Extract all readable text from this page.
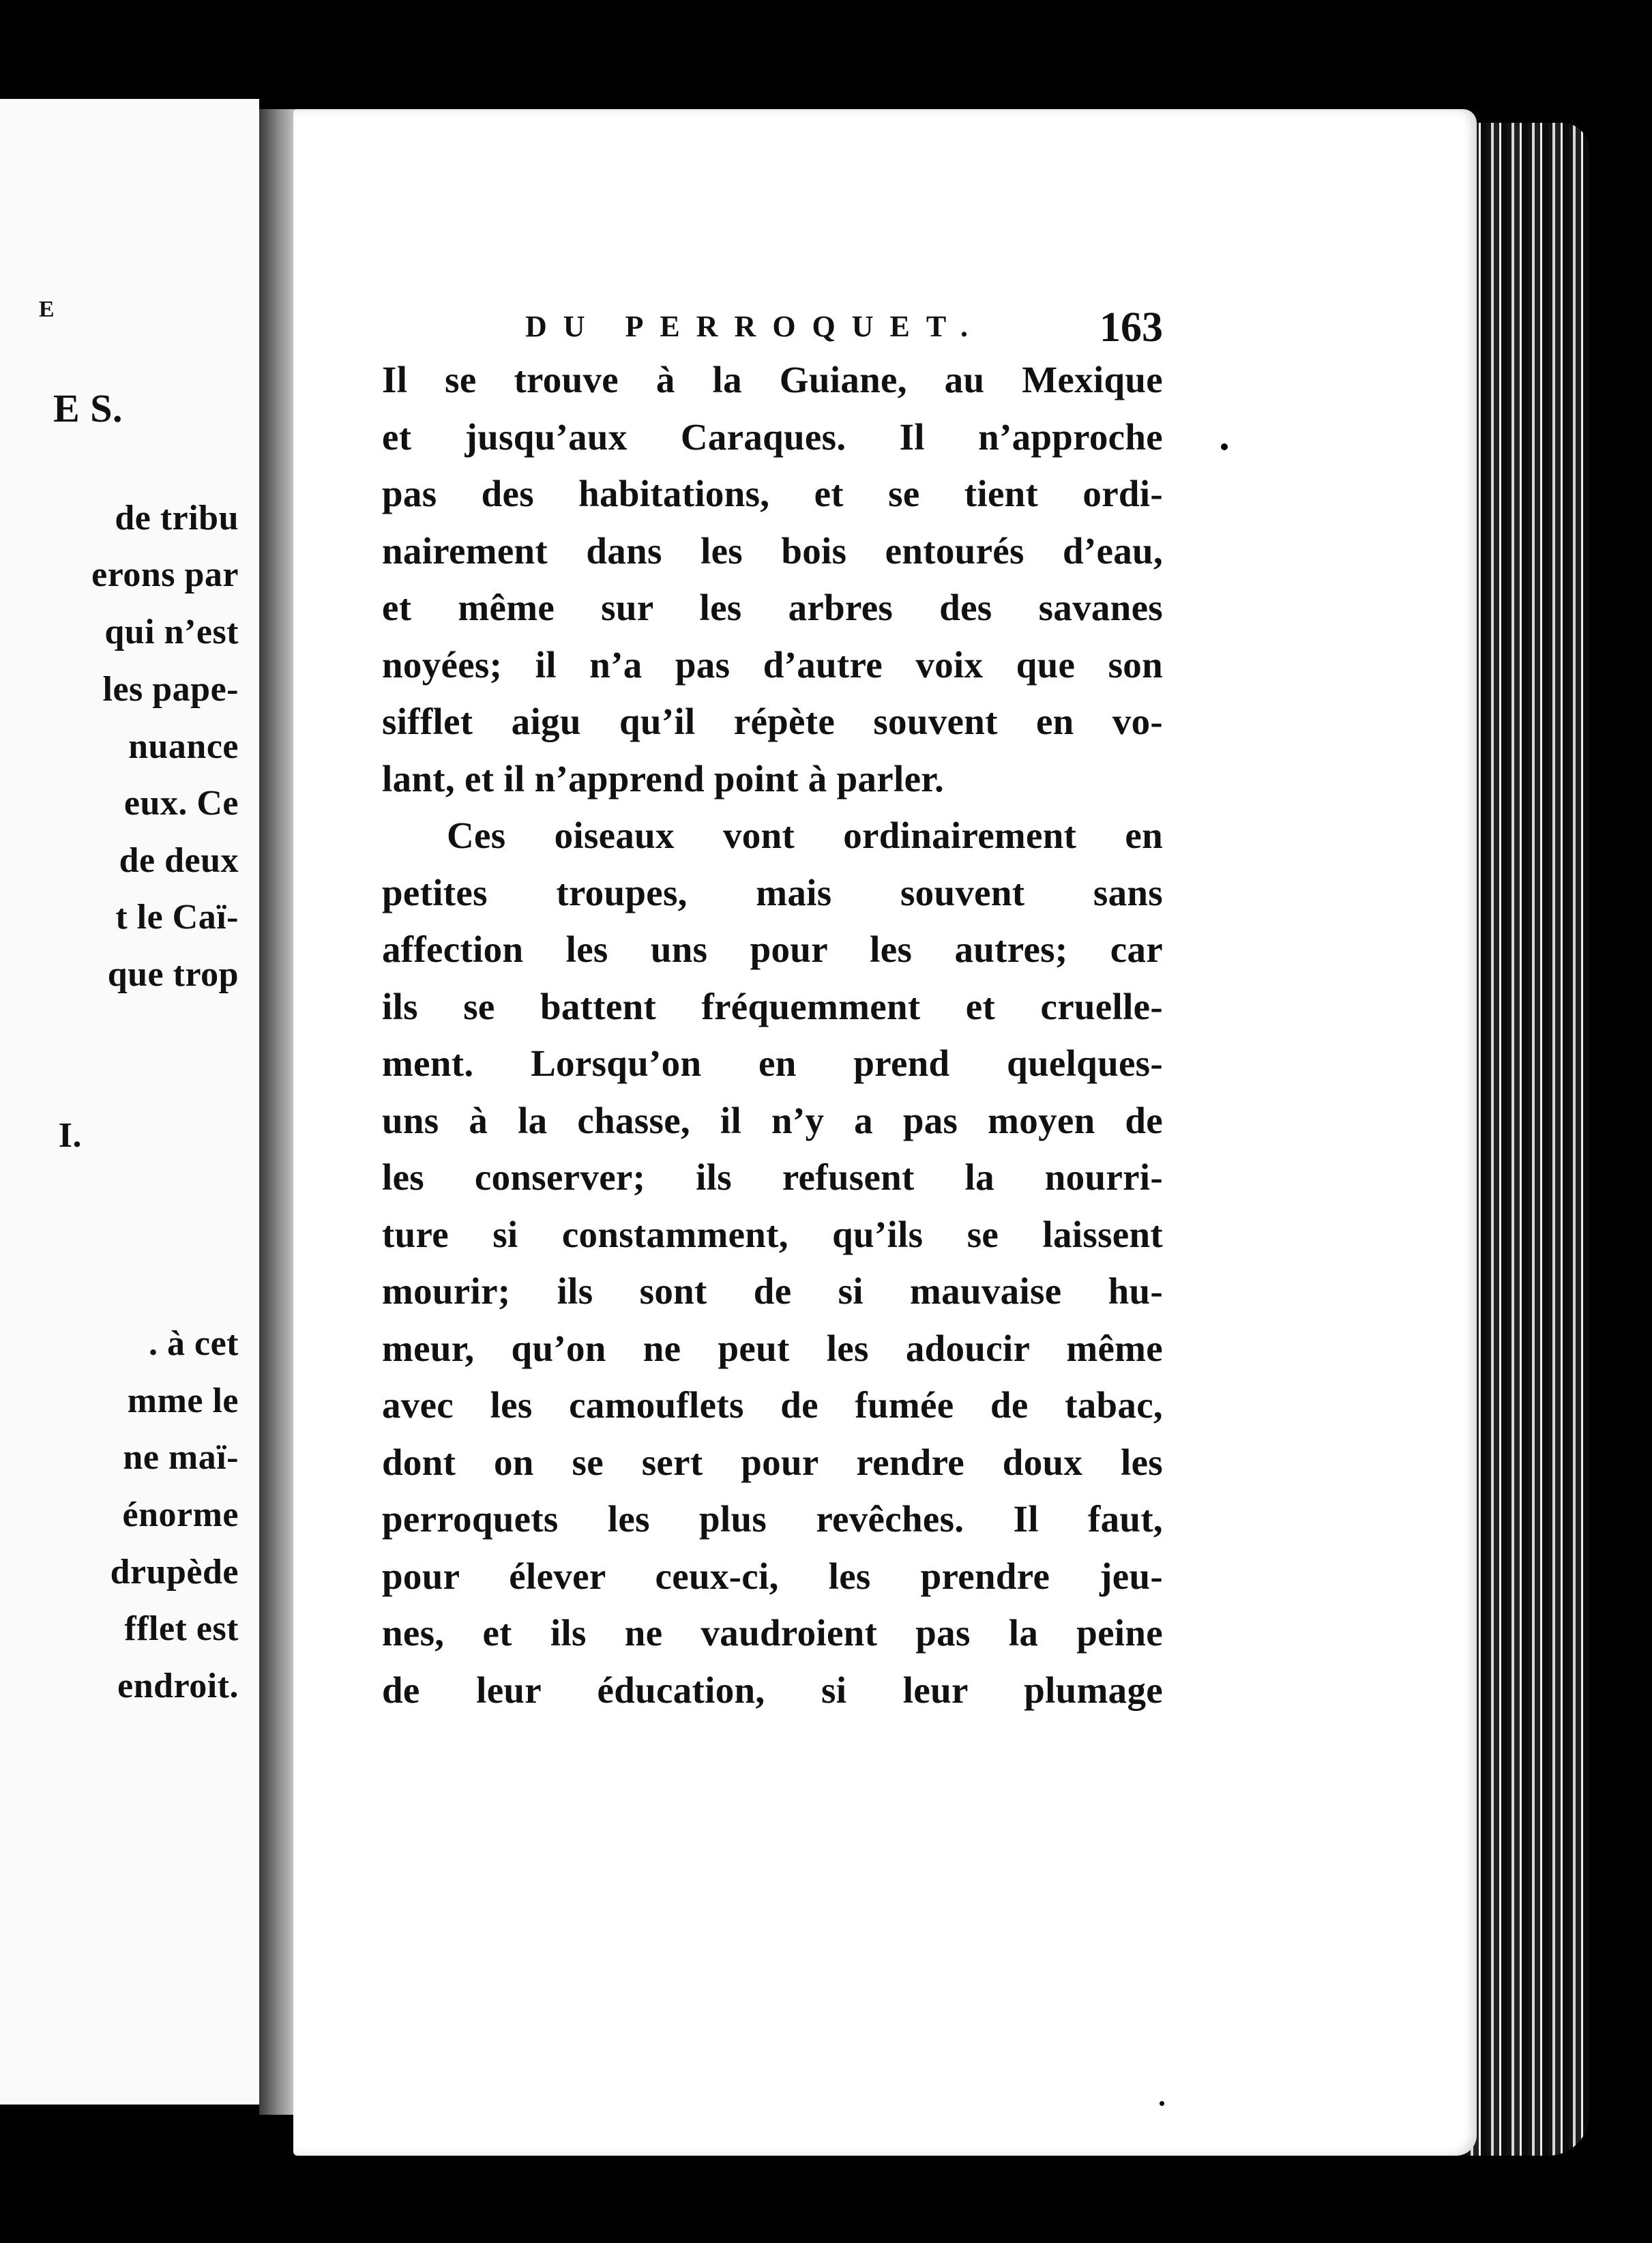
E
E S.
de tribu
erons par
qui n’est
les pape-
nuance
eux. Ce
de deux
t le Caï-
que trop
I.
. à cet
mme le
ne maï-
énorme
drupède
fflet est
endroit.
DU PERROQUET.	163
Il se trouve à la Guiane, au Mexique
et jusqu’aux Caraques. Il n’approche
pas des habitations, et se tient ordi-
nairement dans les bois entourés d’eau,
et même sur les arbres des savanes
noyées; il n’a pas d’autre voix que son
sifflet aigu qu’il répète souvent en vo-
lant, et il n’apprend point à parler.
Ces oiseaux vont ordinairement en
petites troupes, mais souvent sans
affection les uns pour les autres; car
ils se battent fréquemment et cruelle-
ment. Lorsqu’on en prend quelques-
uns à la chasse, il n’y a pas moyen de
les conserver; ils refusent la nourri-
ture si constamment, qu’ils se laissent
mourir; ils sont de si mauvaise hu-
meur, qu’on ne peut les adoucir même
avec les camouflets de fumée de tabac,
dont on se sert pour rendre doux les
perroquets les plus revêches. Il faut,
pour élever ceux-ci, les prendre jeu-
nes, et ils ne vaudroient pas la peine
de leur éducation, si leur plumage
